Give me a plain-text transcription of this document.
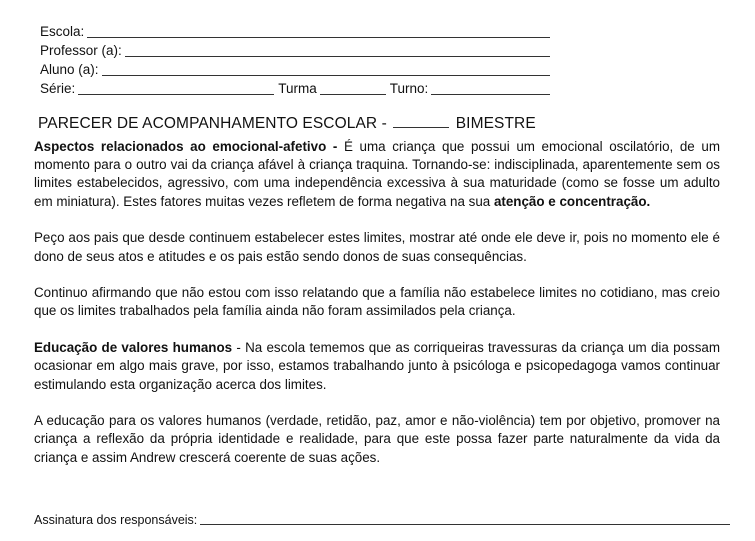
Escola:
Professor (a):
Aluno (a):
Série:	Turma	Turno:
PARECER DE ACOMPANHAMENTO ESCOLAR -	BIMESTRE

Aspectos relacionados ao emocional-afetivo - É uma criança que possui um emocional oscilatório, de um momento para o outro vai da criança afável à criança traquina. Tornando-se: indisciplinada, aparentemente sem os limites estabelecidos, agressivo, com uma independência excessiva à sua maturidade (como se fosse um adulto em miniatura). Estes fatores muitas vezes refletem de forma negativa na sua atenção e concentração.

Peço aos pais que desde continuem estabelecer estes limites, mostrar até onde ele deve ir, pois no momento ele é dono de seus atos e atitudes e os pais estão sendo donos de suas consequências.

Continuo afirmando que não estou com isso relatando que a família não estabelece limites no cotidiano, mas creio que os limites trabalhados pela família ainda não foram assimilados pela criança.

Educação de valores humanos - Na escola tememos que as corriqueiras travessuras da criança um dia possam ocasionar em algo mais grave, por isso, estamos trabalhando junto à psicóloga e psicopedagoga vamos continuar estimulando esta organização acerca dos limites.

A educação para os valores humanos (verdade, retidão, paz, amor e não-violência) tem por objetivo, promover na criança a reflexão da própria identidade e realidade, para que este possa fazer parte naturalmente da vida da criança e assim Andrew crescerá coerente de suas ações.

Assinatura dos responsáveis:
